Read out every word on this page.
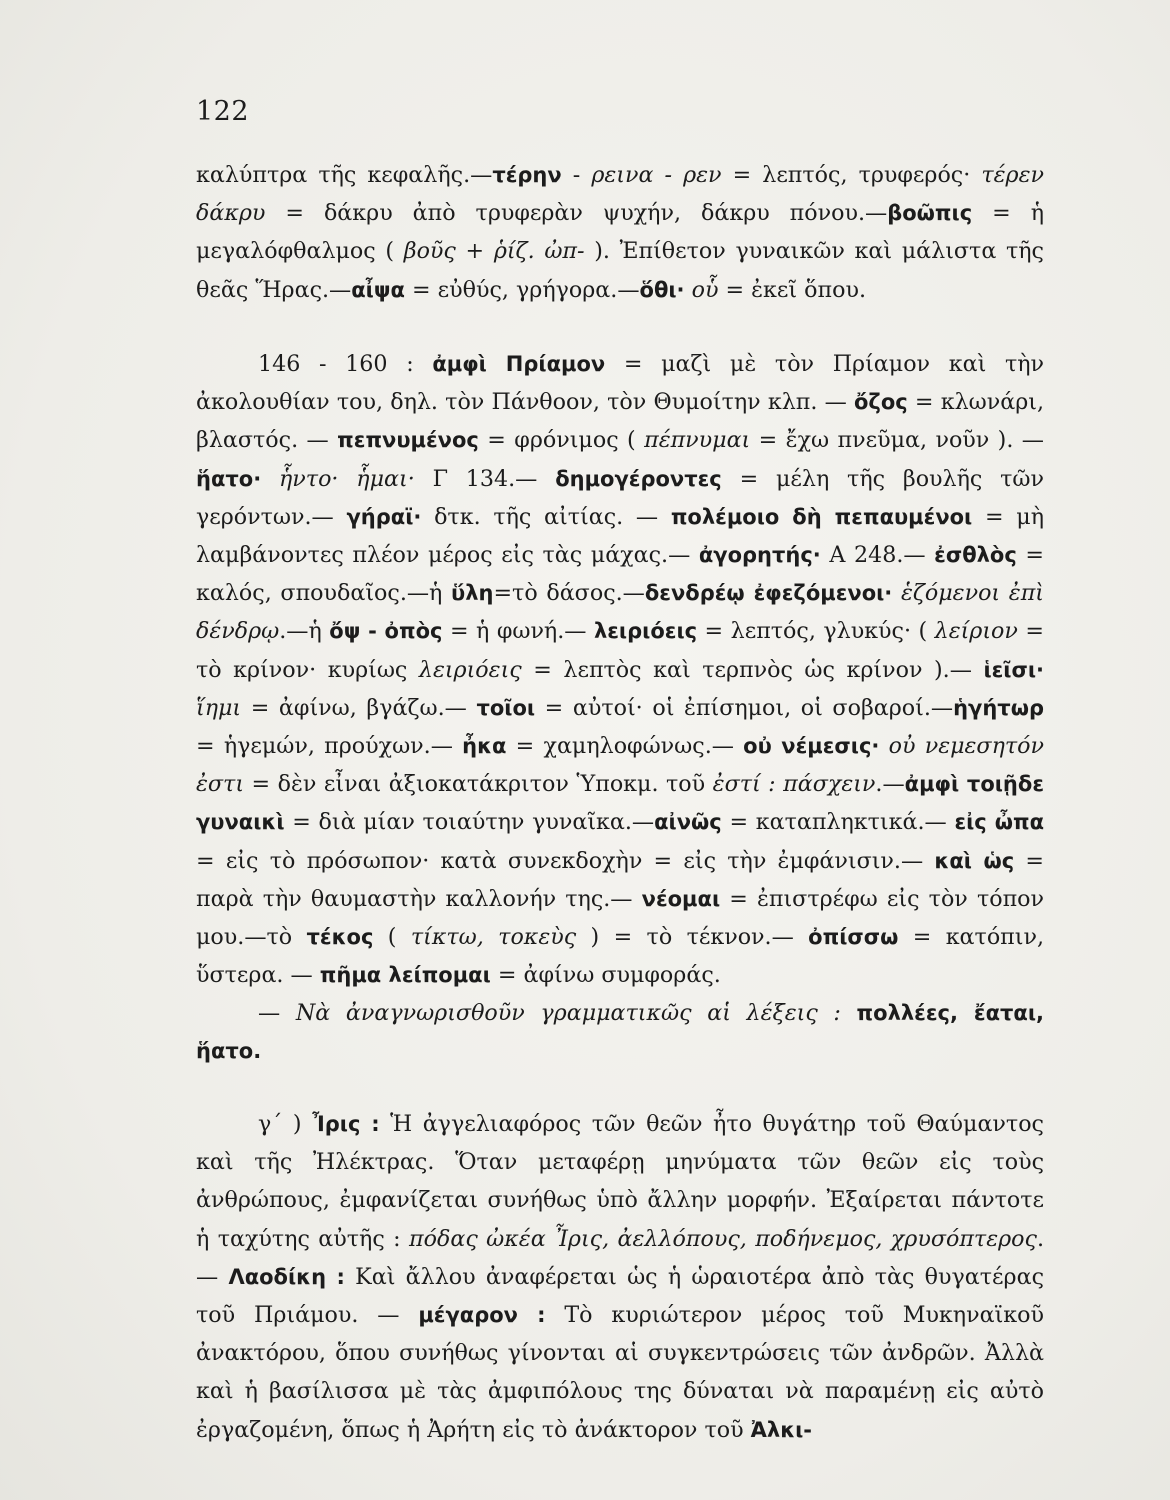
122

καλύπτρα τῆς κεφαλῆς.—τέρην - ρεινα - ρεν = λεπτός, τρυφερός· τέρεν δάκρυ = δάκρυ ἀπὸ τρυφερὰν ψυχήν, δάκρυ πόνου.—βοῶπις = ἡ μεγαλόφθαλμος ( βοῦς + ῥίζ. ὠπ- ). Ἐπίθετον γυναικῶν καὶ μάλιστα τῆς θεᾶς Ἥρας.—αἶψα = εὐθύς, γρήγορα.—ὅθι· οὗ = ἐκεῖ ὅπου.

146 - 160 : ἀμφὶ Πρίαμον = μαζὶ μὲ τὸν Πρίαμον καὶ τὴν ἀκολουθίαν του, δηλ. τὸν Πάνθοον, τὸν Θυμοίτην κλπ. — ὄζος = κλωνάρι, βλαστός. — πεπνυμένος = φρόνιμος ( πέπνυμαι = ἔχω πνεῦμα, νοῦν ). —ἥατο· ἧντο· ἧμαι· Γ 134.— δημογέροντες = μέλη τῆς βουλῆς τῶν γερόντων.— γήραϊ· δτκ. τῆς αἰτίας. — πολέμοιο δὴ πεπαυμένοι = μὴ λαμβάνοντες πλέον μέρος εἰς τὰς μάχας.— ἀγορητής· Α 248.— ἐσθλὸς = καλός, σπουδαῖος.—ἡ ὕλη=τὸ δάσος.—δενδρέῳ ἐφεζόμενοι· ἑζόμενοι ἐπὶ δένδρῳ.—ἡ ὄψ - ὀπὸς = ἡ φωνή.— λειριόεις = λεπτός, γλυκύς· ( λείριον = τὸ κρίνον· κυρίως λειριόεις = λεπτὸς καὶ τερπνὸς ὡς κρίνον ).— ἱεῖσι· ἵημι = ἀφίνω, βγάζω.— τοῖοι = αὐτοί· οἱ ἐπίσημοι, οἱ σοβαροί.—ἡγήτωρ = ἡγεμών, προύχων.— ἦκα = χαμηλοφώνως.— οὐ νέμεσις· οὐ νεμεσητόν ἐστι = δὲν εἶναι ἀξιοκατάκριτον Ὑποκμ. τοῦ ἐστί : πάσχειν.—ἀμφὶ τοιῇδε γυναικὶ = διὰ μίαν τοιαύτην γυναῖκα.—αἰνῶς = καταπληκτικά.— εἰς ὦπα = εἰς τὸ πρόσωπον· κατὰ συνεκδοχὴν = εἰς τὴν ἐμφάνισιν.— καὶ ὡς = παρὰ τὴν θαυμαστὴν καλλονήν της.— νέομαι = ἐπιστρέφω εἰς τὸν τόπον μου.—τὸ τέκος ( τίκτω, τοκεὺς ) = τὸ τέκνον.— ὀπίσσω = κατόπιν, ὕστερα. — πῆμα λείπομαι = ἀφίνω συμφοράς.

— Νὰ ἀναγνωρισθοῦν γραμματικῶς αἱ λέξεις : πολλέες, ἔαται, ἥατο.

γ΄ ) Ἶρις : Ἡ ἀγγελιαφόρος τῶν θεῶν ἦτο θυγάτηρ τοῦ Θαύμαντος καὶ τῆς Ἠλέκτρας. Ὅταν μεταφέρῃ μηνύματα τῶν θεῶν εἰς τοὺς ἀνθρώπους, ἐμφανίζεται συνήθως ὑπὸ ἄλλην μορφήν. Ἐξαίρεται πάντοτε ἡ ταχύτης αὐτῆς : πόδας ὠκέα Ἶρις, ἀελλόπους, ποδήνεμος, χρυσόπτερος. — Λαοδίκη : Καὶ ἄλλου ἀναφέρεται ὡς ἡ ὡραιοτέρα ἀπὸ τὰς θυγατέρας τοῦ Πριάμου. — μέγαρον : Τὸ κυριώτερον μέρος τοῦ Μυκηναϊκοῦ ἀνακτόρου, ὅπου συνήθως γίνονται αἱ συγκεντρώσεις τῶν ἀνδρῶν. Ἀλλὰ καὶ ἡ βασίλισσα μὲ τὰς ἀμφιπόλους της δύναται νὰ παραμένῃ εἰς αὐτὸ ἐργαζομένη, ὅπως ἡ Ἀρήτη εἰς τὸ ἀνάκτορον τοῦ Ἀλκι-
